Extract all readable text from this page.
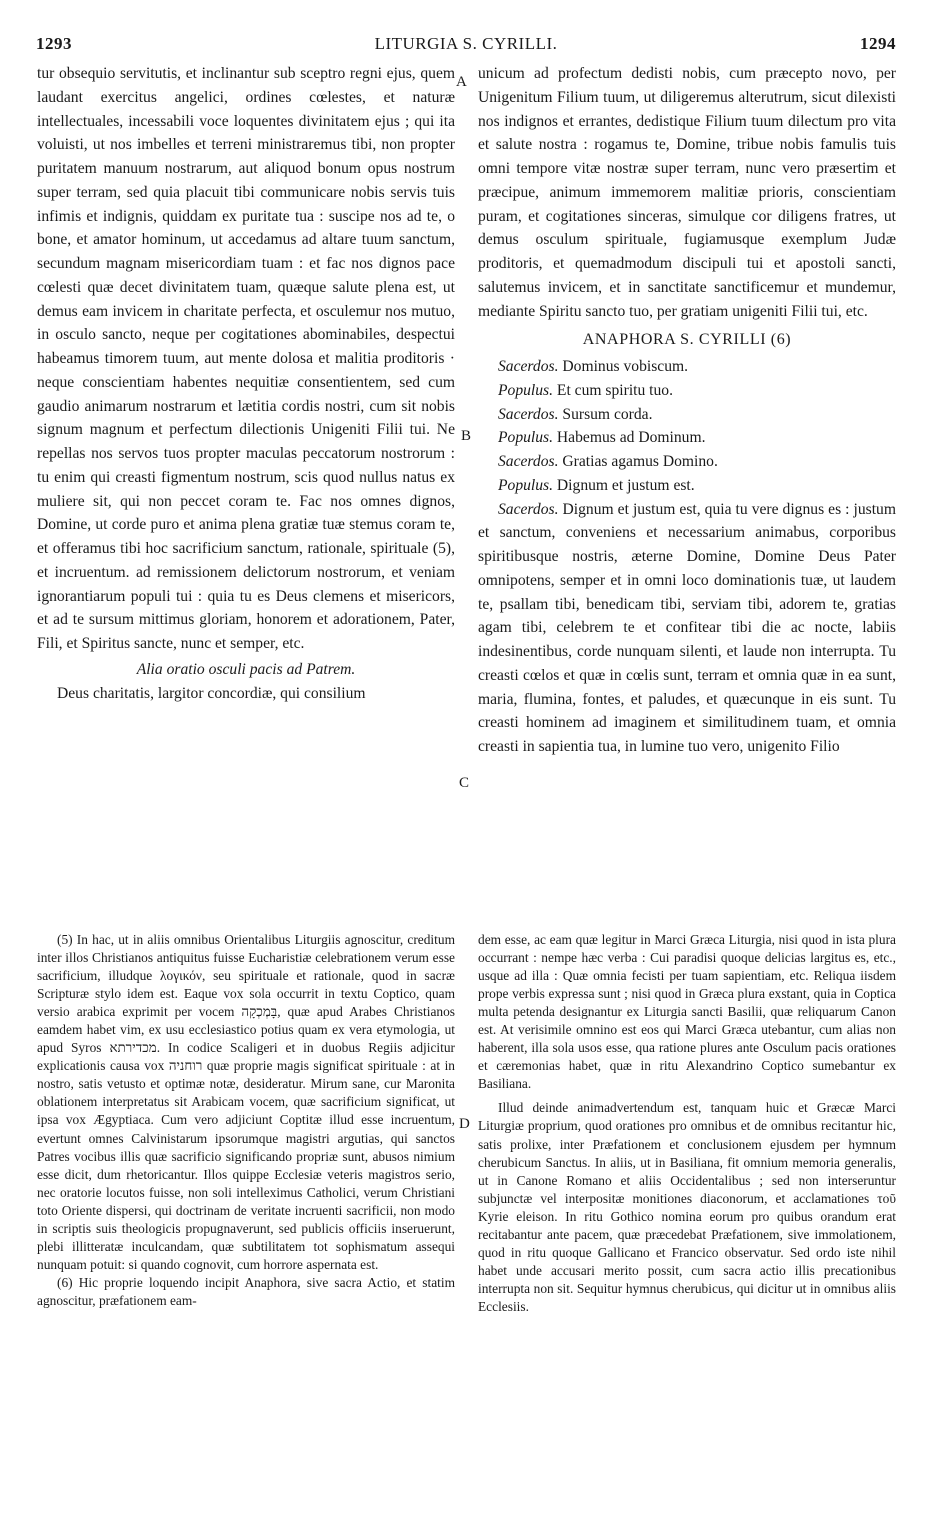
1293	LITURGIA S. CYRILLI.	1294
A
B
C
D

tur obsequio servitutis, et inclinantur sub sceptro regni ejus, quem laudant exercitus angelici, ordines cœlestes, et naturæ intellectuales, incessabili voce loquentes divinitatem ejus ; qui ita voluisti, ut nos imbelles et terreni ministraremus tibi, non propter puritatem manuum nostrarum, aut aliquod bonum opus nostrum super terram, sed quia placuit tibi communicare nobis servis tuis infimis et indignis, quiddam ex puritate tua : suscipe nos ad te, o bone, et amator hominum, ut accedamus ad altare tuum sanctum, secundum magnam misericordiam tuam : et fac nos dignos pace cœlesti quæ decet divinitatem tuam, quæque salute plena est, ut demus eam invicem in charitate perfecta, et osculemur nos mutuo, in osculo sancto, neque per cogitationes abominabiles, despectui habeamus timorem tuum, aut mente dolosa et malitia proditoris · neque conscientiam habentes nequitiæ consentientem, sed cum gaudio animarum nostrarum et lætitia cordis nostri, cum sit nobis signum magnum et perfectum dilectionis Unigeniti Filii tui. Ne repellas nos servos tuos propter maculas peccatorum nostrorum : tu enim qui creasti figmentum nostrum, scis quod nullus natus ex muliere sit, qui non peccet coram te. Fac nos omnes dignos, Domine, ut corde puro et anima plena gratiæ tuæ stemus coram te, et offeramus tibi hoc sacrificium sanctum, rationale, spirituale (5), et incruentum. ad remissionem delictorum nostrorum, et veniam ignorantiarum populi tui : quia tu es Deus clemens et misericors, et ad te sursum mittimus gloriam, honorem et adorationem, Pater, Fili, et Spiritus sancte, nunc et semper, etc.

Alia oratio osculi pacis ad Patrem.

Deus charitatis, largitor concordiæ, qui consilium

unicum ad profectum dedisti nobis, cum præcepto novo, per Unigenitum Filium tuum, ut diligeremus alterutrum, sicut dilexisti nos indignos et errantes, dedistique Filium tuum dilectum pro vita et salute nostra : rogamus te, Domine, tribue nobis famulis tuis omni tempore vitæ nostræ super terram, nunc vero præsertim et præcipue, animum immemorem malitiæ prioris, conscientiam puram, et cogitationes sinceras, simulque cor diligens fratres, ut demus osculum spirituale, fugiamusque exemplum Judæ proditoris, et quemadmodum discipuli tui et apostoli sancti, salutemus invicem, et in sanctitate sanctificemur et mundemur, mediante Spiritu sancto tuo, per gratiam unigeniti Filii tui, etc.

ANAPHORA S. CYRILLI (6)

Sacerdos. Dominus vobiscum.

Populus. Et cum spiritu tuo.

Sacerdos. Sursum corda.

Populus. Habemus ad Dominum.

Sacerdos. Gratias agamus Domino.

Populus. Dignum et justum est.

Sacerdos. Dignum et justum est, quia tu vere dignus es : justum et sanctum, conveniens et necessarium animabus, corporibus spiritibusque nostris, æterne Domine, Domine Deus Pater omnipotens, semper et in omni loco dominationis tuæ, ut laudem te, psallam tibi, benedicam tibi, serviam tibi, adorem te, gratias agam tibi, celebrem te et confitear tibi die ac nocte, labiis indesinentibus, corde nunquam silenti, et laude non interrupta. Tu creasti cœlos et quæ in cœlis sunt, terram et omnia quæ in ea sunt, maria, flumina, fontes, et paludes, et quæcunque in eis sunt. Tu creasti hominem ad imaginem et similitudinem tuam, et omnia creasti in sapientia tua, in lumine tuo vero, unigenito Filio

(5) In hac, ut in aliis omnibus Orientalibus Liturgiis agnoscitur, creditum inter illos Christianos antiquitus fuisse Eucharistiæ celebrationem verum esse sacrificium, illudque λογικόν, seu spirituale et rationale, quod in sacræ Scripturæ stylo idem est. Eaque vox sola occurrit in textu Coptico, quam versio arabica exprimit per vocem בָּמְכְקָה, quæ apud Arabes Christianos eamdem habet vim, ex usu ecclesiastico potius quam ex vera etymologia, ut apud Syros מכדירתא. In codice Scaligeri et in duobus Regiis adjicitur explicationis causa vox רוחניה quæ proprie magis significat spirituale : at in nostro, satis vetusto et optimæ notæ, desideratur. Mirum sane, cur Maronita oblationem interpretatus sit Arabicam vocem, quæ sacrificium significat, ut ipsa vox Ægyptiaca. Cum vero adjiciunt Coptitæ illud esse incruentum, evertunt omnes Calvinistarum ipsorumque magistri argutias, qui sanctos Patres vocibus illis quæ sacrificio significando propriæ sunt, abusos nimium esse dicit, dum rhetoricantur. Illos quippe Ecclesiæ veteris magistros serio, nec oratorie locutos fuisse, non soli intelleximus Catholici, verum Christiani toto Oriente dispersi, qui doctrinam de veritate incruenti sacrificii, non modo in scriptis suis theologicis propugnaverunt, sed publicis officiis inseruerunt, plebi illitteratæ inculcandam, quæ subtilitatem tot sophismatum assequi nunquam potuit: si quando cognovit, cum horrore aspernata est.

(6) Hic proprie loquendo incipit Anaphora, sive sacra Actio, et statim agnoscitur, præfationem eam-

dem esse, ac eam quæ legitur in Marci Græca Liturgia, nisi quod in ista plura occurrant : nempe hæc verba : Cui paradisi quoque delicias largitus es, etc., usque ad illa : Quæ omnia fecisti per tuam sapientiam, etc. Reliqua iisdem prope verbis expressa sunt ; nisi quod in Græca plura exstant, quia in Coptica multa petenda designantur ex Liturgia sancti Basilii, quæ reliquarum Canon est. At verisimile omnino est eos qui Marci Græca utebantur, cum alias non haberent, illa sola usos esse, qua ratione plures ante Osculum pacis orationes et cæremonias habet, quæ in ritu Alexandrino Coptico sumebantur ex Basiliana.

Illud deinde animadvertendum est, tanquam huic et Græcæ Marci Liturgiæ proprium, quod orationes pro omnibus et de omnibus recitantur hic, satis prolixe, inter Præfationem et conclusionem ejusdem per hymnum cherubicum Sanctus. In aliis, ut in Basiliana, fit omnium memoria generalis, ut in Canone Romano et aliis Occidentalibus ; sed non interseruntur subjunctæ vel interpositæ monitiones diaconorum, et acclamationes τοῦ Kyrie eleison. In ritu Gothico nomina eorum pro quibus orandum erat recitabantur ante pacem, quæ præcedebat Præfationem, sive immolationem, quod in ritu quoque Gallicano et Francico observatur. Sed ordo iste nihil habet unde accusari merito possit, cum sacra actio illis precationibus interrupta non sit. Sequitur hymnus cherubicus, qui dicitur ut in omnibus aliis Ecclesiis.
